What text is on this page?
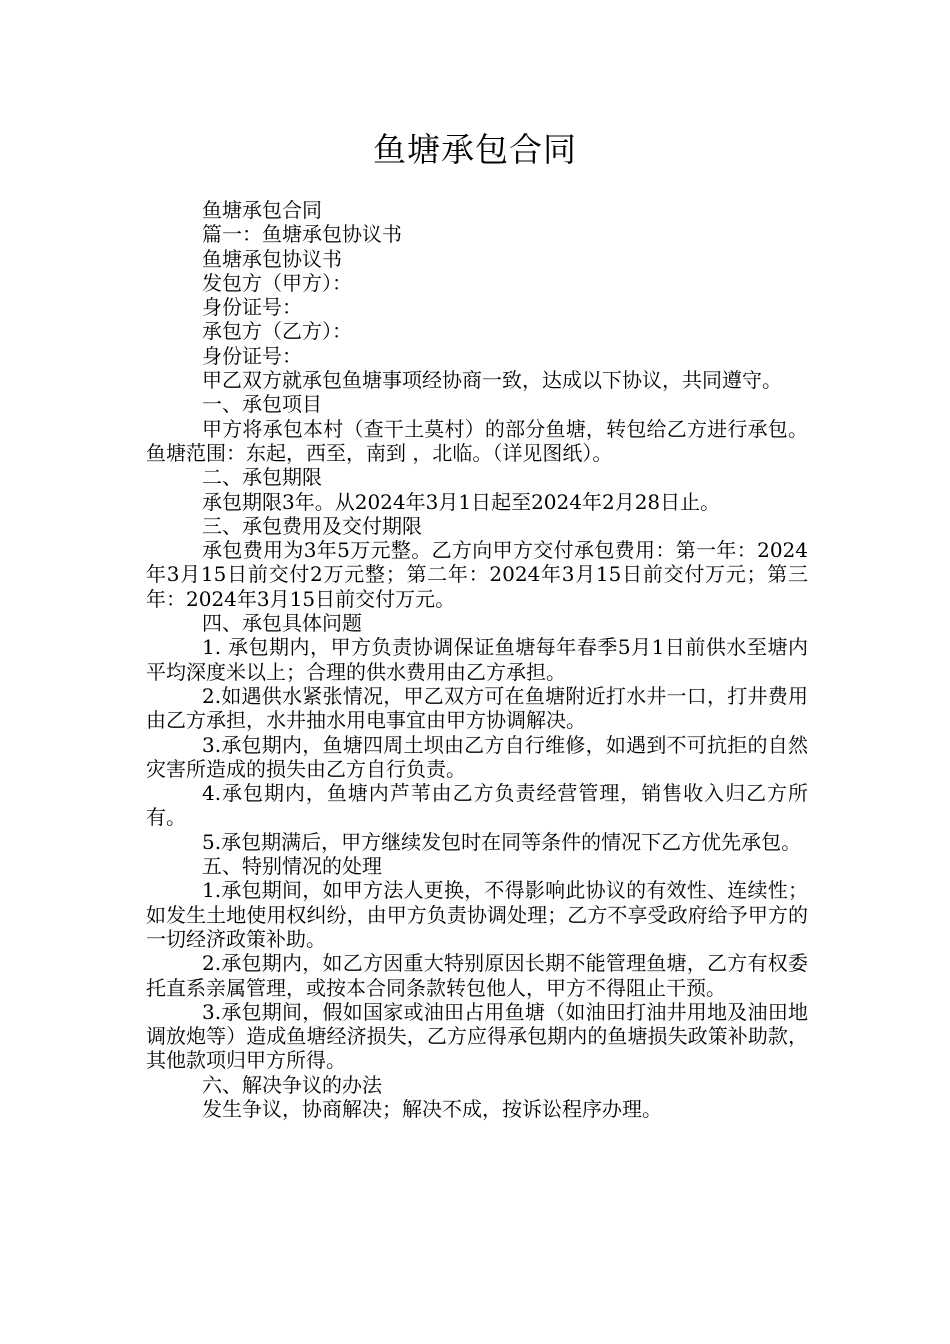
鱼塘承包合同

鱼塘承包合同

篇一：鱼塘承包协议书

鱼塘承包协议书

发包方（甲方）：

身份证号：

承包方（乙方）：

身份证号：

甲乙双方就承包鱼塘事项经协商一致，达成以下协议，共同遵守。

一、承包项目

甲方将承包本村（查干土莫村）的部分鱼塘，转包给乙方进行承包。鱼塘范围：东起，西至，南到 ，北临。（详见图纸）。

二、承包期限

承包期限3年。从2024年3月1日起至2024年2月28日止。

三、承包费用及交付期限

承包费用为3年5万元整。乙方向甲方交付承包费用：第一年：2024年3月15日前交付2万元整；第二年：2024年3月15日前交付万元；第三年：2024年3月15日前交付万元。

四、承包具体问题

1. 承包期内，甲方负责协调保证鱼塘每年春季5月1日前供水至塘内平均深度米以上；合理的供水费用由乙方承担。

2.如遇供水紧张情况，甲乙双方可在鱼塘附近打水井一口，打井费用由乙方承担，水井抽水用电事宜由甲方协调解决。

3.承包期内，鱼塘四周土坝由乙方自行维修，如遇到不可抗拒的自然灾害所造成的损失由乙方自行负责。

4.承包期内，鱼塘内芦苇由乙方负责经营管理，销售收入归乙方所有。

5.承包期满后，甲方继续发包时在同等条件的情况下乙方优先承包。

五、特别情况的处理

1.承包期间，如甲方法人更换，不得影响此协议的有效性、连续性；如发生土地使用权纠纷，由甲方负责协调处理；乙方不享受政府给予甲方的一切经济政策补助。

2.承包期内，如乙方因重大特别原因长期不能管理鱼塘，乙方有权委托直系亲属管理，或按本合同条款转包他人，甲方不得阻止干预。

3.承包期间，假如国家或油田占用鱼塘（如油田打油井用地及油田地调放炮等）造成鱼塘经济损失，乙方应得承包期内的鱼塘损失政策补助款，其他款项归甲方所得。

六、解决争议的办法

发生争议，协商解决；解决不成，按诉讼程序办理。
